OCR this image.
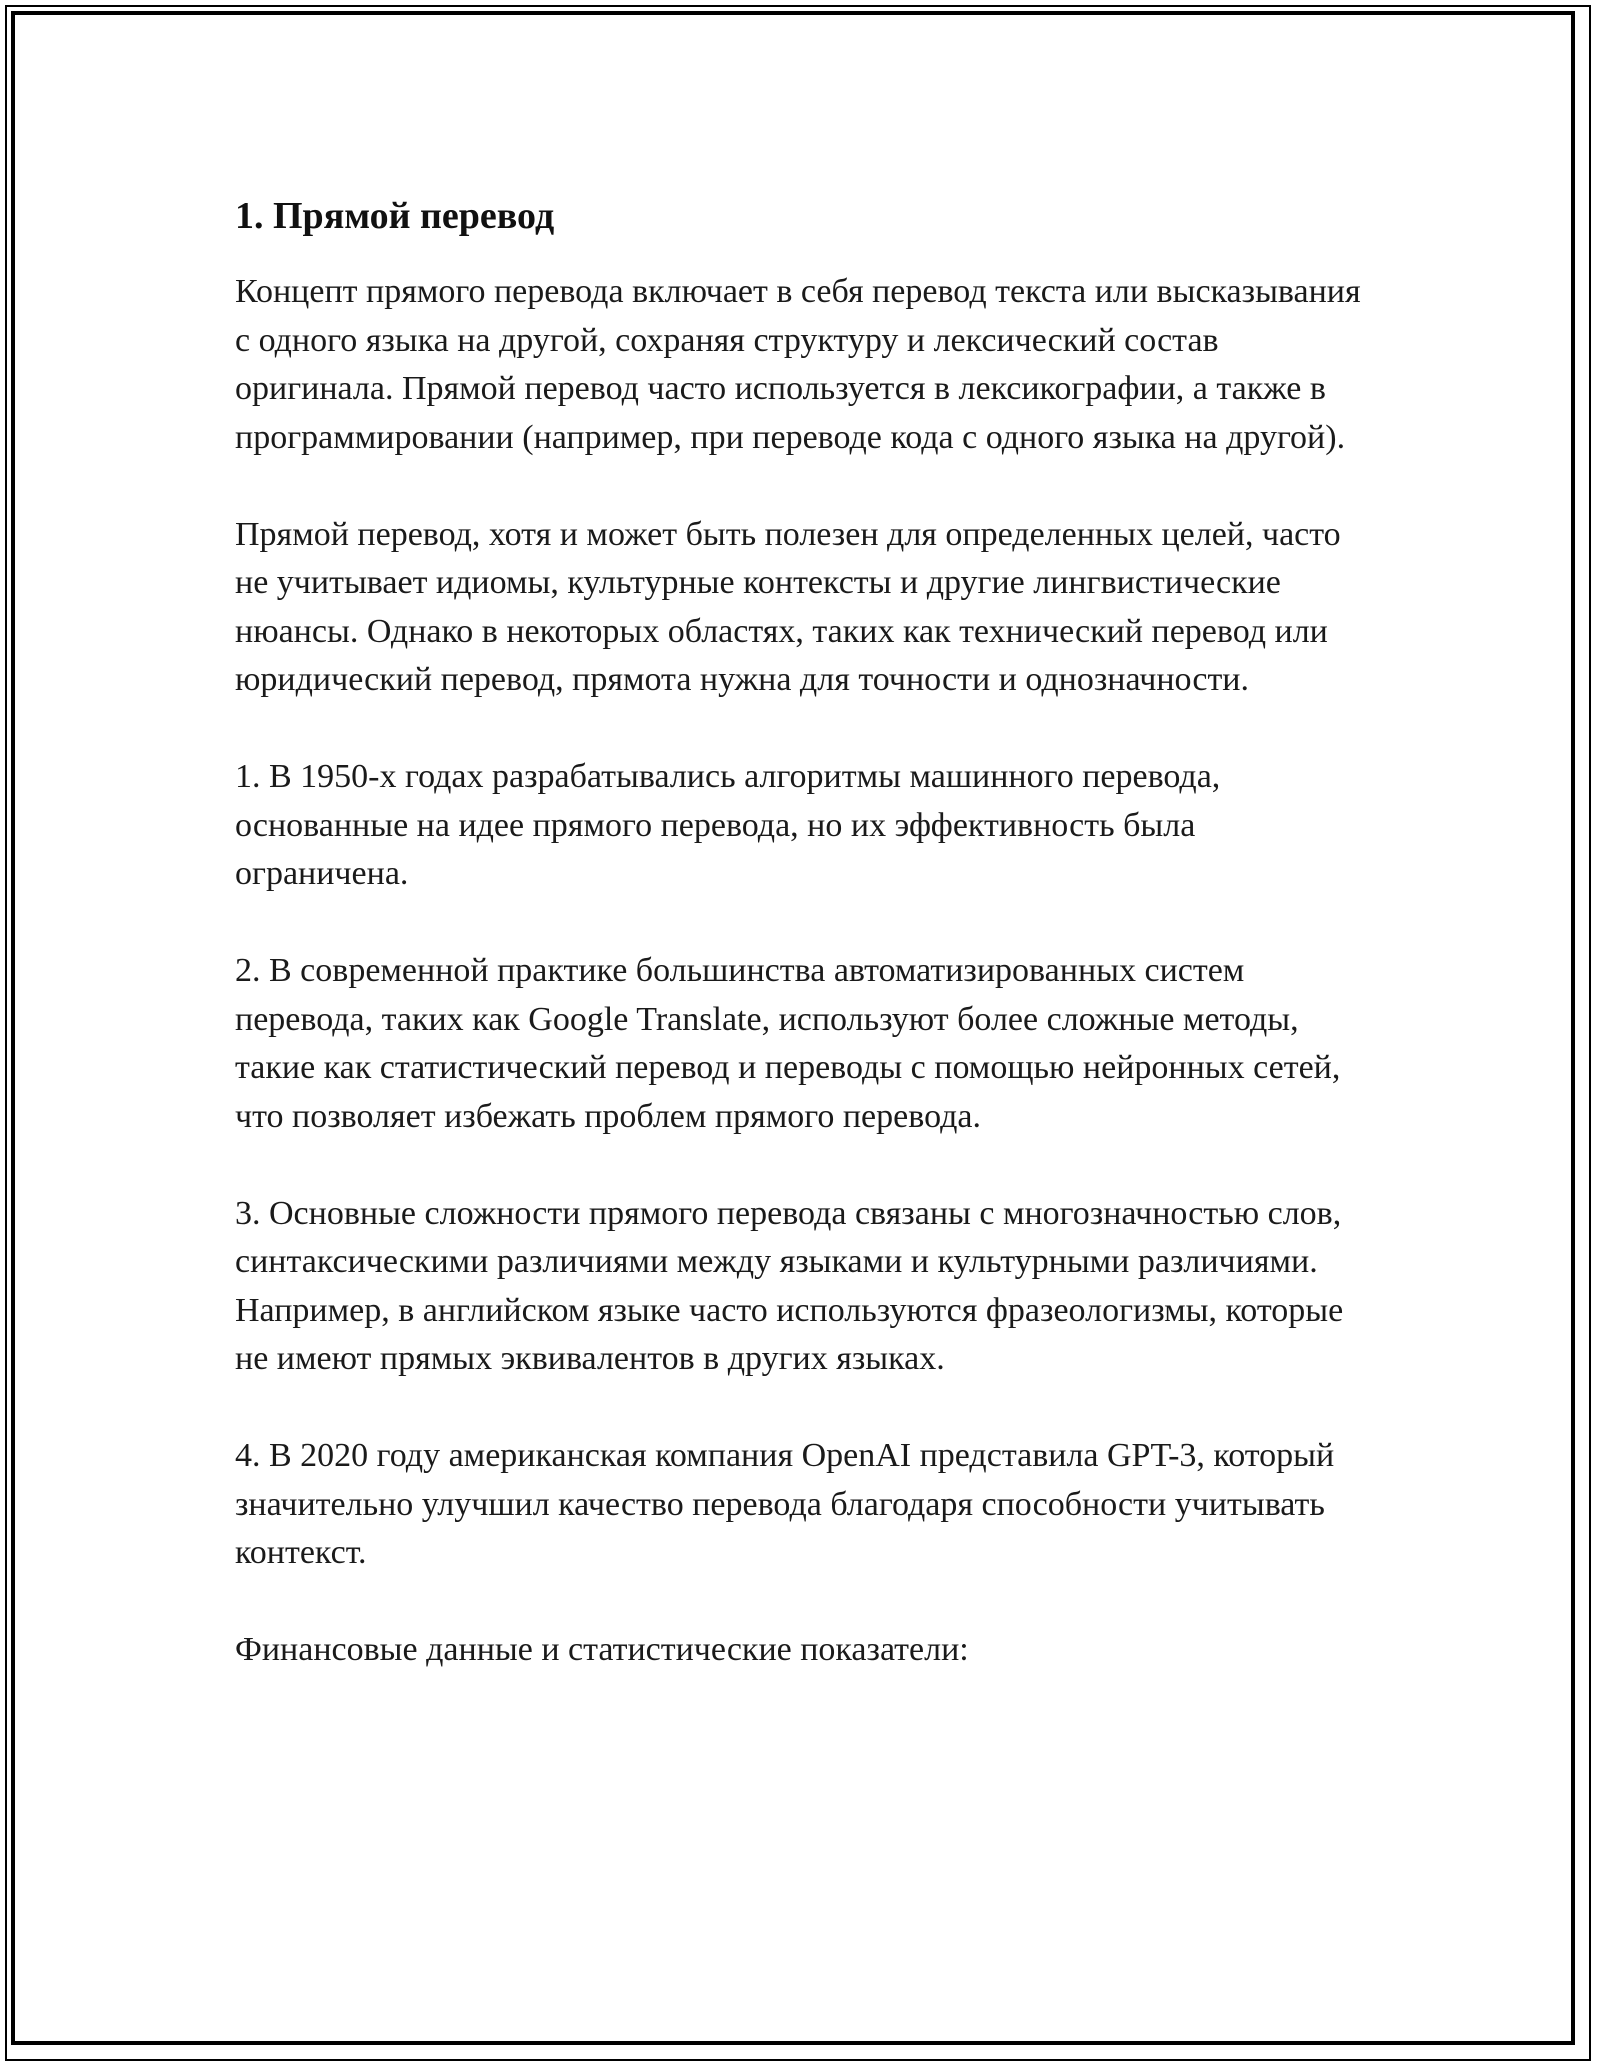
1. Прямой перевод

Концепт прямого перевода включает в себя перевод текста или высказывания с одного языка на другой, сохраняя структуру и лексический состав оригинала. Прямой перевод часто используется в лексикографии, а также в программировании (например, при переводе кода с одного языка на другой).

Прямой перевод, хотя и может быть полезен для определенных целей, часто не учитывает идиомы, культурные контексты и другие лингвистические нюансы. Однако в некоторых областях, таких как технический перевод или юридический перевод, прямота нужна для точности и однозначности.

1. В 1950-х годах разрабатывались алгоритмы машинного перевода, основанные на идее прямого перевода, но их эффективность была ограничена.

2. В современной практике большинства автоматизированных систем перевода, таких как Google Translate, используют более сложные методы, такие как статистический перевод и переводы с помощью нейронных сетей, что позволяет избежать проблем прямого перевода.

3. Основные сложности прямого перевода связаны с многозначностью слов, синтаксическими различиями между языками и культурными различиями. Например, в английском языке часто используются фразеологизмы, которые не имеют прямых эквивалентов в других языках.

4. В 2020 году американская компания OpenAI представила GPT-3, который значительно улучшил качество перевода благодаря способности учитывать контекст.

Финансовые данные и статистические показатели:
